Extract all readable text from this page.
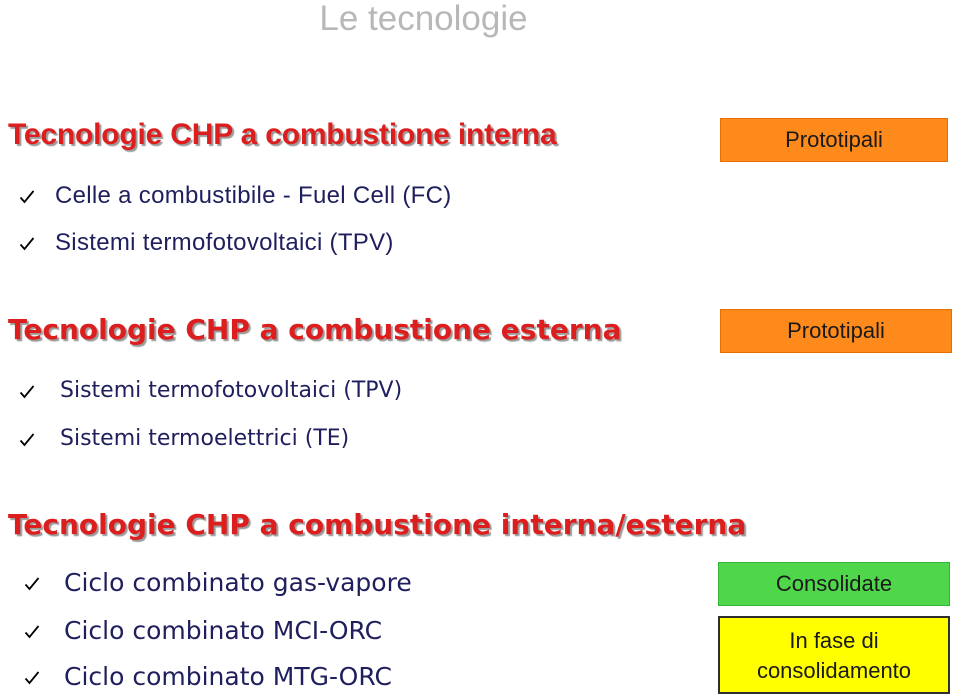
Le tecnologie
Tecnologie CHP a combustione interna	Prototipali
Celle a combustibile - Fuel Cell (FC)
Sistemi termofotovoltaici (TPV)
Tecnologie CHP a combustione esterna	Prototipali
Sistemi termofotovoltaici (TPV)
Sistemi termoelettrici (TE)
Tecnologie CHP a combustione interna/esterna
Ciclo combinato gas-vapore
Ciclo combinato MCI-ORC
Ciclo combinato MTG-ORC
Consolidate
In fase di consolidamento
